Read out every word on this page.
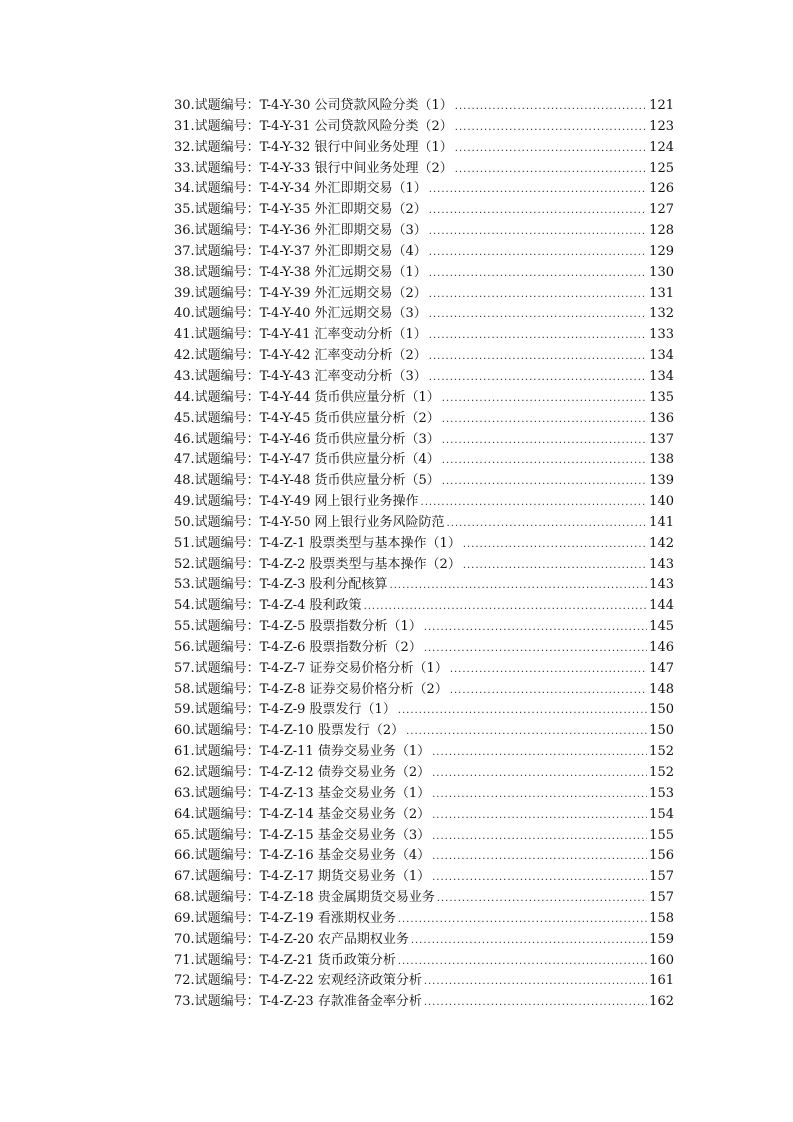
30.试题编号：T-4-Y-30 公司贷款风险分类（1） .....	121
31.试题编号：T-4-Y-31 公司贷款风险分类（2） .....	123
32.试题编号：T-4-Y-32 银行中间业务处理（1） .....	124
33.试题编号：T-4-Y-33 银行中间业务处理（2） .....	125
34.试题编号：T-4-Y-34 外汇即期交易（1） .....	126
35.试题编号：T-4-Y-35 外汇即期交易（2） .....	127
36.试题编号：T-4-Y-36 外汇即期交易（3） .....	128
37.试题编号：T-4-Y-37 外汇即期交易（4） .....	129
38.试题编号：T-4-Y-38 外汇远期交易（1） .....	130
39.试题编号：T-4-Y-39 外汇远期交易（2） .....	131
40.试题编号：T-4-Y-40 外汇远期交易（3） .....	132
41.试题编号：T-4-Y-41 汇率变动分析（1） .....	133
42.试题编号：T-4-Y-42 汇率变动分析（2） .....	134
43.试题编号：T-4-Y-43 汇率变动分析（3） .....	134
44.试题编号：T-4-Y-44 货币供应量分析（1） .....	135
45.试题编号：T-4-Y-45 货币供应量分析（2） .....	136
46.试题编号：T-4-Y-46 货币供应量分析（3） .....	137
47.试题编号：T-4-Y-47 货币供应量分析（4） .....	138
48.试题编号：T-4-Y-48 货币供应量分析（5） .....	139
49.试题编号：T-4-Y-49 网上银行业务操作 .....	140
50.试题编号：T-4-Y-50 网上银行业务风险防范 .....	141
51.试题编号：T-4-Z-1 股票类型与基本操作（1） .....	142
52.试题编号：T-4-Z-2 股票类型与基本操作（2） .....	143
53.试题编号：T-4-Z-3 股利分配核算 .....	143
54.试题编号：T-4-Z-4 股利政策 .....	144
55.试题编号：T-4-Z-5 股票指数分析（1） .....	145
56.试题编号：T-4-Z-6 股票指数分析（2） .....	146
57.试题编号：T-4-Z-7 证券交易价格分析（1） .....	147
58.试题编号：T-4-Z-8 证券交易价格分析（2） .....	148
59.试题编号：T-4-Z-9 股票发行（1） .....	150
60.试题编号：T-4-Z-10 股票发行（2） .....	150
61.试题编号：T-4-Z-11 债券交易业务（1） .....	152
62.试题编号：T-4-Z-12 债券交易业务（2） .....	152
63.试题编号：T-4-Z-13 基金交易业务（1） .....	153
64.试题编号：T-4-Z-14 基金交易业务（2） .....	154
65.试题编号：T-4-Z-15 基金交易业务（3） .....	155
66.试题编号：T-4-Z-16 基金交易业务（4） .....	156
67.试题编号：T-4-Z-17 期货交易业务（1） .....	157
68.试题编号：T-4-Z-18 贵金属期货交易业务 .....	157
69.试题编号：T-4-Z-19 看涨期权业务 .....	158
70.试题编号：T-4-Z-20 农产品期权业务 .....	159
71.试题编号：T-4-Z-21 货币政策分析 .....	160
72.试题编号：T-4-Z-22 宏观经济政策分析 .....	161
73.试题编号：T-4-Z-23 存款准备金率分析 .....	162
